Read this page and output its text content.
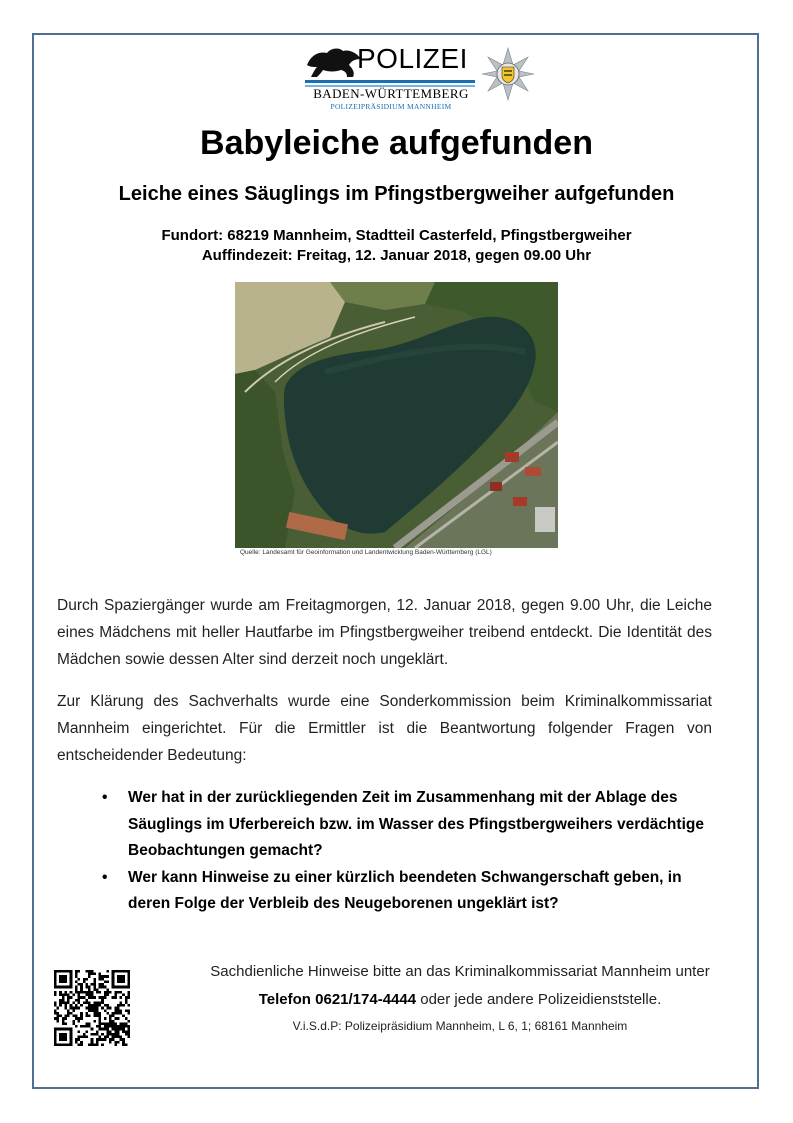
POLIZEI
BADEN-WÜRTTEMBERG
POLIZEIPRÄSIDIUM MANNHEIM
Babyleiche aufgefunden
Leiche eines Säuglings im Pfingstbergweiher aufgefunden
Fundort: 68219 Mannheim, Stadtteil Casterfeld, Pfingstbergweiher
Auffindezeit: Freitag, 12. Januar 2018, gegen 09.00 Uhr
Quelle: Landesamt für Geoinformation und Landentwicklung Baden-Württemberg (LGL)
Durch Spaziergänger wurde am Freitagmorgen, 12. Januar 2018, gegen 9.00 Uhr, die Leiche eines Mädchens mit heller Hautfarbe im Pfingstbergweiher treibend entdeckt. Die Identität des Mädchen sowie dessen Alter sind derzeit noch ungeklärt.
Zur Klärung des Sachverhalts wurde eine Sonderkommission beim Kriminalkommissariat Mannheim eingerichtet. Für die Ermittler ist die Beantwortung folgender Fragen von entscheidender Bedeutung:
• Wer hat in der zurückliegenden Zeit im Zusammenhang mit der Ablage des Säuglings im Uferbereich bzw. im Wasser des Pfingstbergweihers verdächtige Beobachtungen gemacht?
• Wer kann Hinweise zu einer kürzlich beendeten Schwangerschaft geben, in deren Folge der Verbleib des Neugeborenen ungeklärt ist?
Sachdienliche Hinweise bitte an das Kriminalkommissariat Mannheim unter
Telefon 0621/174-4444 oder jede andere Polizeidienststelle.
V.i.S.d.P: Polizeipräsidium Mannheim, L 6, 1; 68161 Mannheim
